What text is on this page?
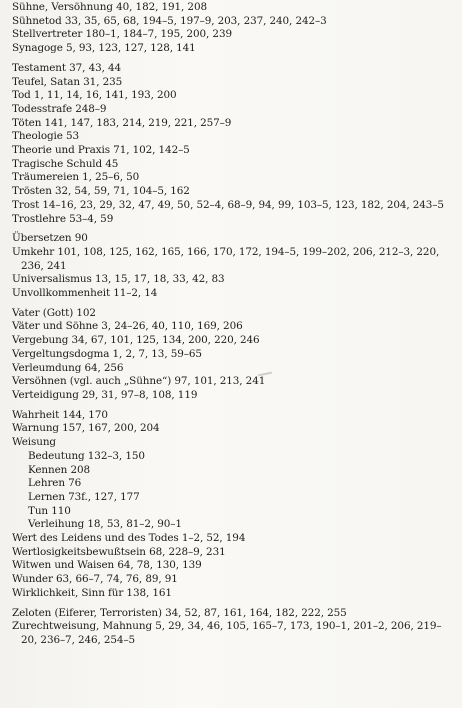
Sühne, Versöhnung 40, 182, 191, 208
Sühnetod 33, 35, 65, 68, 194–5, 197–9, 203, 237, 240, 242–3
Stellvertreter 180–1, 184–7, 195, 200, 239
Synagoge 5, 93, 123, 127, 128, 141
Testament 37, 43, 44
Teufel, Satan 31, 235
Tod 1, 11, 14, 16, 141, 193, 200
Todesstrafe 248–9
Töten 141, 147, 183, 214, 219, 221, 257–9
Theologie 53
Theorie und Praxis 71, 102, 142–5
Tragische Schuld 45
Träumereien 1, 25–6, 50
Trösten 32, 54, 59, 71, 104–5, 162
Trost 14–16, 23, 29, 32, 47, 49, 50, 52–4, 68–9, 94, 99, 103–5, 123, 182, 204, 243–5
Trostlehre 53–4, 59
Übersetzen 90
Umkehr 101, 108, 125, 162, 165, 166, 170, 172, 194–5, 199–202, 206, 212–3, 220, 236, 241
Universalismus 13, 15, 17, 18, 33, 42, 83
Unvollkommenheit 11–2, 14
Vater (Gott) 102
Väter und Söhne 3, 24–26, 40, 110, 169, 206
Vergebung 34, 67, 101, 125, 134, 200, 220, 246
Vergeltungsdogma 1, 2, 7, 13, 59–65
Verleumdung 64, 256
Versöhnen (vgl. auch „Sühne“) 97, 101, 213, 241
Verteidigung 29, 31, 97–8, 108, 119
Wahrheit 144, 170
Warnung 157, 167, 200, 204
Weisung
Bedeutung 132–3, 150
Kennen 208
Lehren 76
Lernen 73f., 127, 177
Tun 110
Verleihung 18, 53, 81–2, 90–1
Wert des Leidens und des Todes 1–2, 52, 194
Wertlosigkeitsbewußtsein 68, 228–9, 231
Witwen und Waisen 64, 78, 130, 139
Wunder 63, 66–7, 74, 76, 89, 91
Wirklichkeit, Sinn für 138, 161
Zeloten (Eiferer, Terroristen) 34, 52, 87, 161, 164, 182, 222, 255
Zurechtweisung, Mahnung 5, 29, 34, 46, 105, 165–7, 173, 190–1, 201–2, 206, 219–20, 236–7, 246, 254–5
